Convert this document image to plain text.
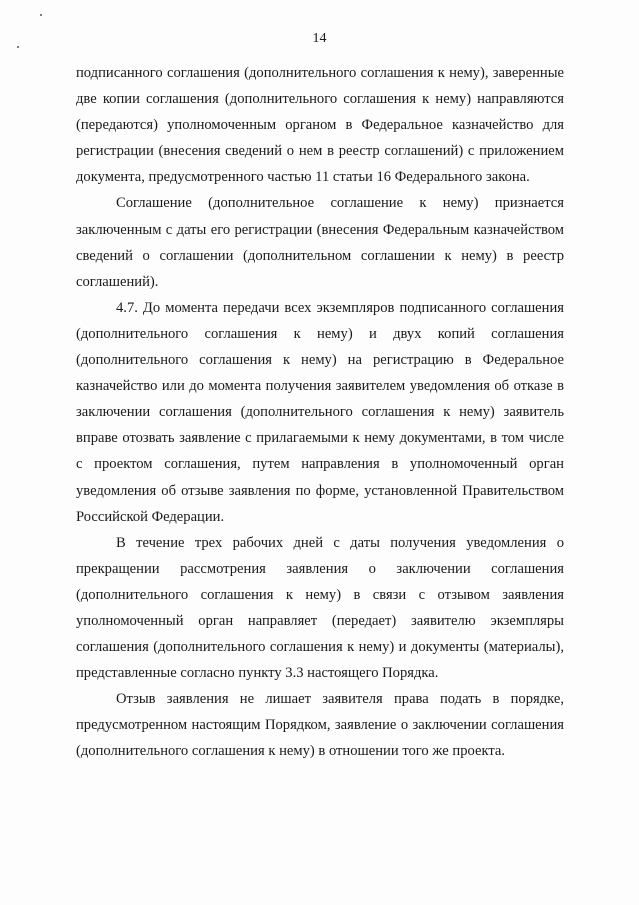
14

подписанного соглашения (дополнительного соглашения к нему), заверенные две копии соглашения (дополнительного соглашения к нему) направляются (передаются) уполномоченным органом в Федеральное казначейство для регистрации (внесения сведений о нем в реестр соглашений) с приложением документа, предусмотренного частью 11 статьи 16 Федерального закона.

Соглашение (дополнительное соглашение к нему) признается заключенным с даты его регистрации (внесения Федеральным казначейством сведений о соглашении (дополнительном соглашении к нему) в реестр соглашений).

4.7. До момента передачи всех экземпляров подписанного соглашения (дополнительного соглашения к нему) и двух копий соглашения (дополнительного соглашения к нему) на регистрацию в Федеральное казначейство или до момента получения заявителем уведомления об отказе в заключении соглашения (дополнительного соглашения к нему) заявитель вправе отозвать заявление с прилагаемыми к нему документами, в том числе с проектом соглашения, путем направления в уполномоченный орган уведомления об отзыве заявления по форме, установленной Правительством Российской Федерации.

В течение трех рабочих дней с даты получения уведомления о прекращении рассмотрения заявления о заключении соглашения (дополнительного соглашения к нему) в связи с отзывом заявления уполномоченный орган направляет (передает) заявителю экземпляры соглашения (дополнительного соглашения к нему) и документы (материалы), представленные согласно пункту 3.3 настоящего Порядка.

Отзыв заявления не лишает заявителя права подать в порядке, предусмотренном настоящим Порядком, заявление о заключении соглашения (дополнительного соглашения к нему) в отношении того же проекта.
